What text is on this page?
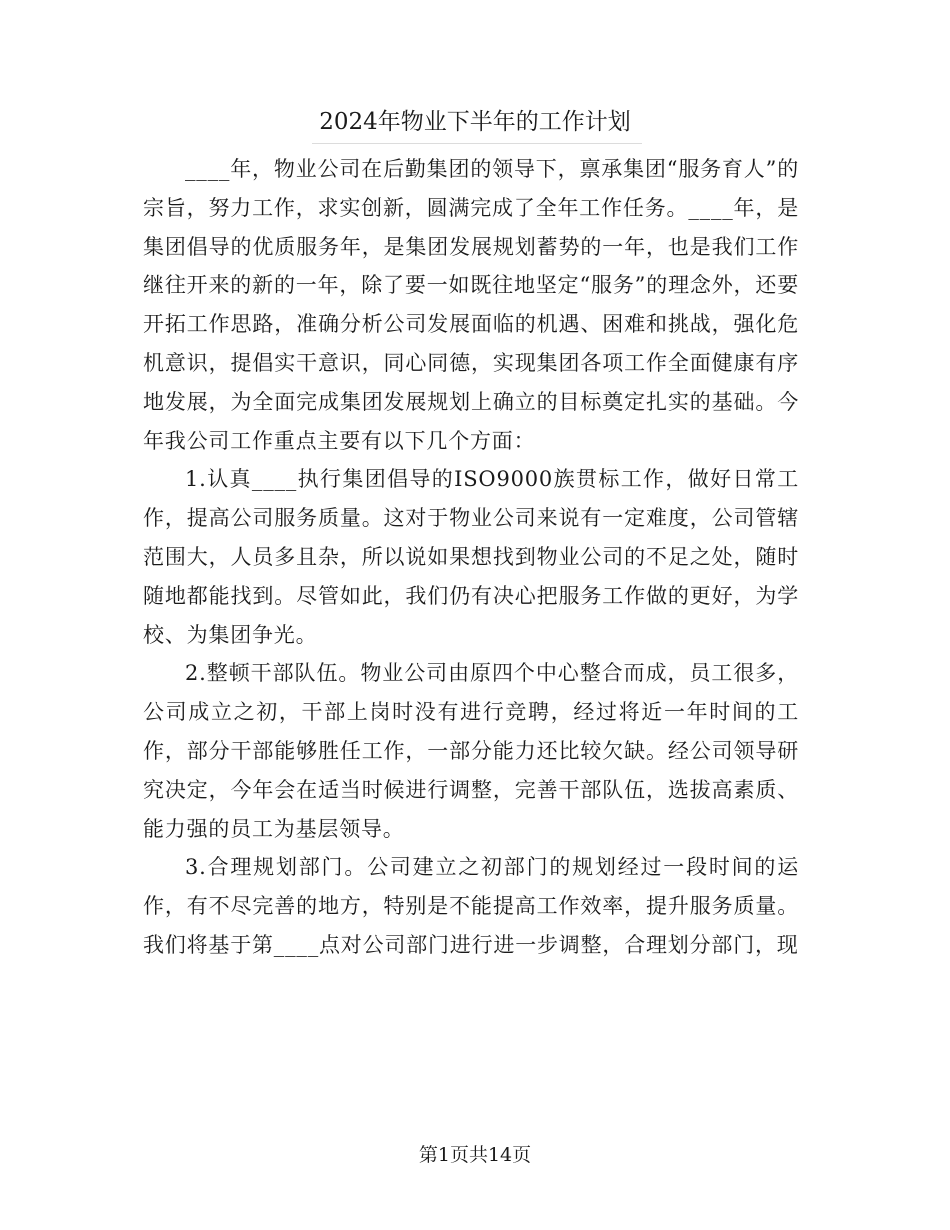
2024年物业下半年的工作计划

____年，物业公司在后勤集团的领导下，禀承集团“服务育人”的宗旨，努力工作，求实创新，圆满完成了全年工作任务。____年，是集团倡导的优质服务年，是集团发展规划蓄势的一年，也是我们工作继往开来的新的一年，除了要一如既往地坚定“服务”的理念外，还要开拓工作思路，准确分析公司发展面临的机遇、困难和挑战，强化危机意识，提倡实干意识，同心同德，实现集团各项工作全面健康有序地发展，为全面完成集团发展规划上确立的目标奠定扎实的基础。今年我公司工作重点主要有以下几个方面：

1.认真____执行集团倡导的ISO9000族贯标工作，做好日常工作，提高公司服务质量。这对于物业公司来说有一定难度，公司管辖范围大，人员多且杂，所以说如果想找到物业公司的不足之处，随时随地都能找到。尽管如此，我们仍有决心把服务工作做的更好，为学校、为集团争光。

2.整顿干部队伍。物业公司由原四个中心整合而成，员工很多，公司成立之初，干部上岗时没有进行竞聘，经过将近一年时间的工作，部分干部能够胜任工作，一部分能力还比较欠缺。经公司领导研究决定，今年会在适当时候进行调整，完善干部队伍，选拔高素质、能力强的员工为基层领导。

3.合理规划部门。公司建立之初部门的规划经过一段时间的运作，有不尽完善的地方，特别是不能提高工作效率，提升服务质量。我们将基于第____点对公司部门进行进一步调整，合理划分部门，现

第1页共14页
